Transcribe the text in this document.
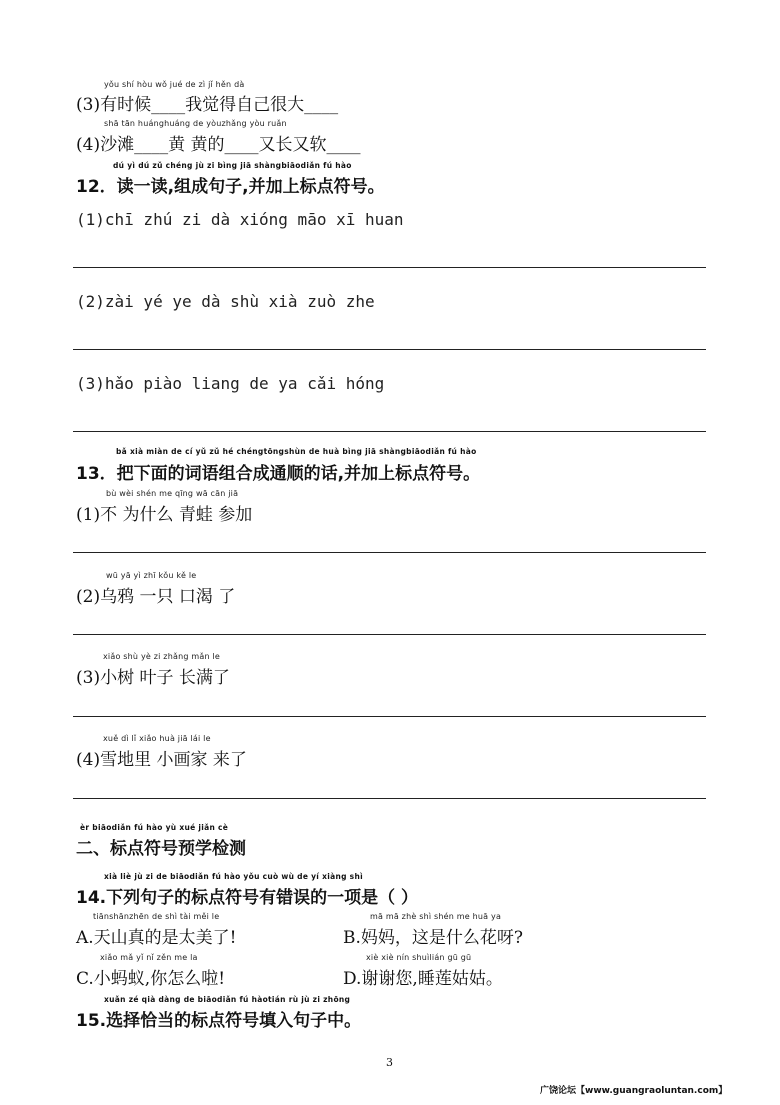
yǒu shí hòu wǒ jué de zì jǐ hěn dà
(3)有时候____我觉得自己很大____
shā tān huánghuáng de yòuzhǎng yòu ruǎn
(4)沙滩____黄 黄的____又长又软____
dú yì dú zǔ chéng jù zi bìng jiā shàngbiāodiǎn fú hào
12．读一读,组成句子,并加上标点符号。
(1)chī zhú zi dà xióng māo xī huan
(2)zài yé ye dà shù xià zuò zhe
(3)hǎo piào liang de ya cǎi hóng
bǎ xià miàn de cí yǔ zǔ hé chéngtōngshùn de huà bìng jiā shàngbiāodiǎn fú hào
13．把下面的词语组合成通顺的话,并加上标点符号。
bù wèi shén me qīng wā cān jiā
(1)不 为什么 青蛙 参加
wū yā yì zhī kǒu kě le
(2)乌鸦 一只 口渴 了
xiǎo shù yè zi zhǎng mǎn le
(3)小树 叶子 长满了
xuě dì lǐ xiǎo huà jiā lái le
(4)雪地里 小画家 来了
èr biāodiǎn fú hào yù xué jiǎn cè
二、标点符号预学检测
xià liè jù zi de biāodiǎn fú hào yǒu cuò wù de yí xiàng shì
14.下列句子的标点符号有错误的一项是（ ）
tiānshānzhēn de shì tài měi le
A.天山真的是太美了!
mā mā zhè shì shén me huā ya
B.妈妈，这是什么花呀?
xiǎo mǎ yǐ nǐ zěn me la
C.小蚂蚁,你怎么啦!
xiè xiè nín shuìlián gū gū
D.谢谢您,睡莲姑姑。
xuǎn zé qià dàng de biāodiǎn fú hàotián rù jù zi zhōng
15.选择恰当的标点符号填入句子中。
3
广饶论坛【www.guangraoluntan.com】
